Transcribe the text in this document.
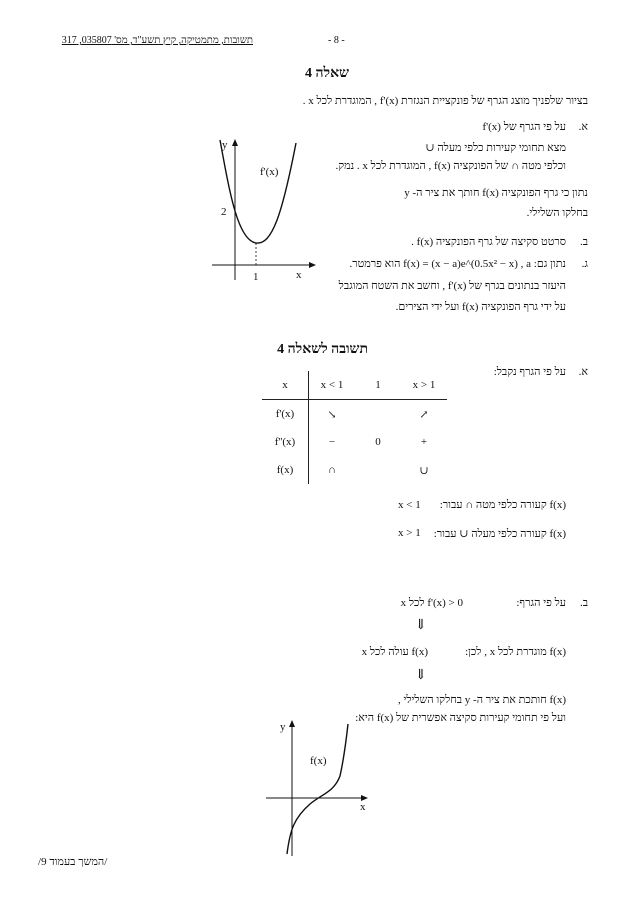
תשובות, מתמטיקה, קיץ תשע"ד, מס' 035807, 317	- 8 -
שאלה 4
בציור שלפניך מוצג הגרף של פונקציית הנגזרת f'(x) , המוגדרת לכל x .
א.
על פי הגרף של f'(x)
מצא תחומי קעירות כלפי מעלה ∪
וכלפי מטה ∩ של הפונקציה f(x) , המוגדרת לכל x . נמק.
נתון כי גרף הפונקציה f(x) חותך את ציר ה- y
בחלקו השלילי.
ב.
סרטט סקיצה של גרף הפונקציה f(x) .
ג.
נתון גם: f(x) = (x − a)e^(0.5x² − x) , a הוא פרמטר.
היעזר בנתונים בגרף של f'(x) , וחשב את השטח המוגבל
על ידי גרף הפונקציה f(x) ועל ידי הצירים.
y
x
f'(x)
2
1
תשובה לשאלה 4
א.
על פי הגרף נקבל:
x	x < 1	1	x > 1
f'(x)	↘		↗
f''(x)	−	0	+
f(x)	∩		∪
f(x) קעורה כלפי מטה ∩ עבור:
x < 1
f(x) קעורה כלפי מעלה ∪ עבור:
x > 1
ב.
על פי הגרף:
f'(x) > 0 לכל x
⇓
f(x) מוגדרת לכל x , לכן:
f(x) עולה לכל x
⇓
f(x) חותכת את ציר ה- y בחלקו השלילי ,
ועל פי תחומי קעירות סקיצה אפשרית של f(x) היא:
y
x
f(x)
/המשך בעמוד 9/
